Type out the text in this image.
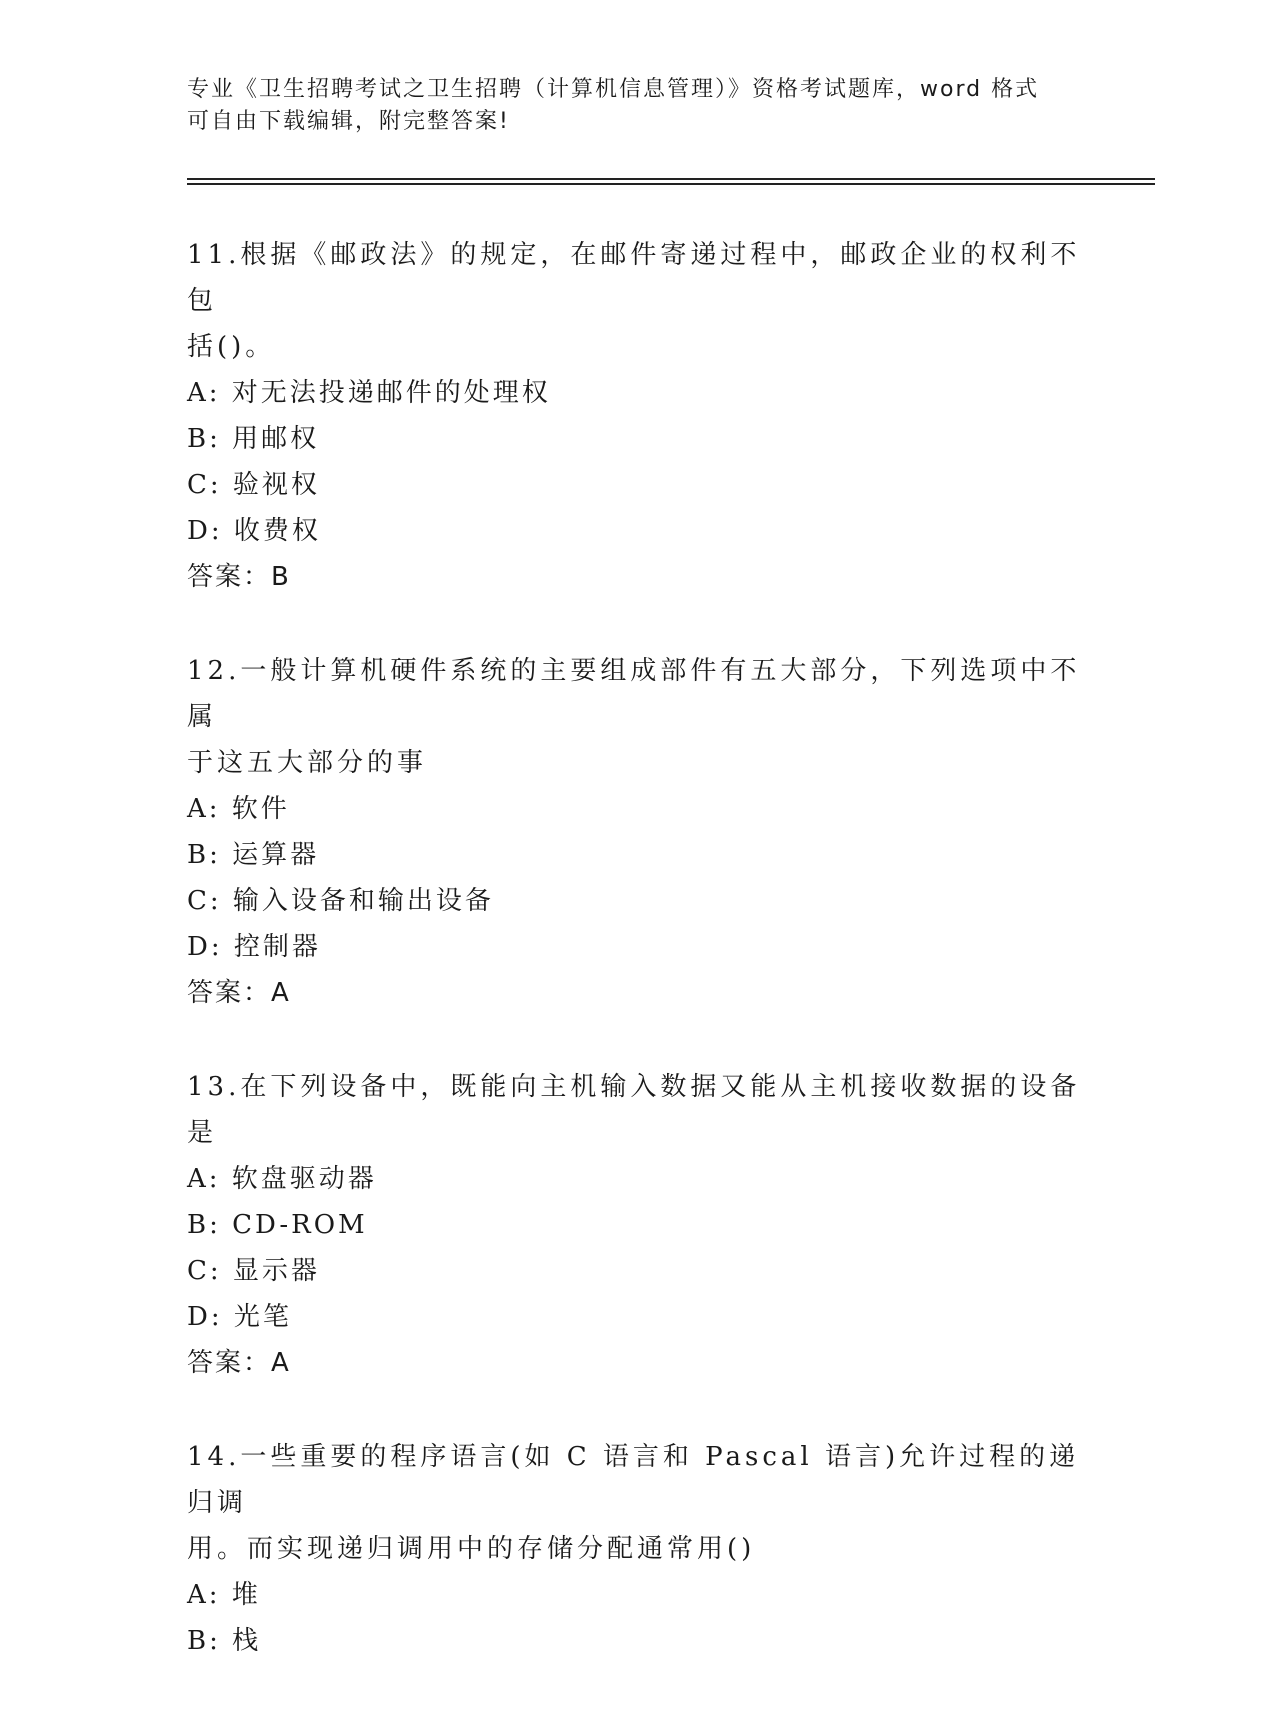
专业《卫生招聘考试之卫生招聘（计算机信息管理）》资格考试题库，word 格式
可自由下载编辑，附完整答案!
11.根据《邮政法》的规定，在邮件寄递过程中，邮政企业的权利不包
括()。
A: 对无法投递邮件的处理权
B: 用邮权
C: 验视权
D: 收费权
答案：B
12.一般计算机硬件系统的主要组成部件有五大部分，下列选项中不属
于这五大部分的事
A: 软件
B: 运算器
C: 输入设备和输出设备
D: 控制器
答案：A
13.在下列设备中，既能向主机输入数据又能从主机接收数据的设备是
A: 软盘驱动器
B: CD-ROM
C: 显示器
D: 光笔
答案：A
14.一些重要的程序语言(如 C 语言和 Pascal 语言)允许过程的递归调
用。而实现递归调用中的存储分配通常用()
A: 堆
B: 栈
